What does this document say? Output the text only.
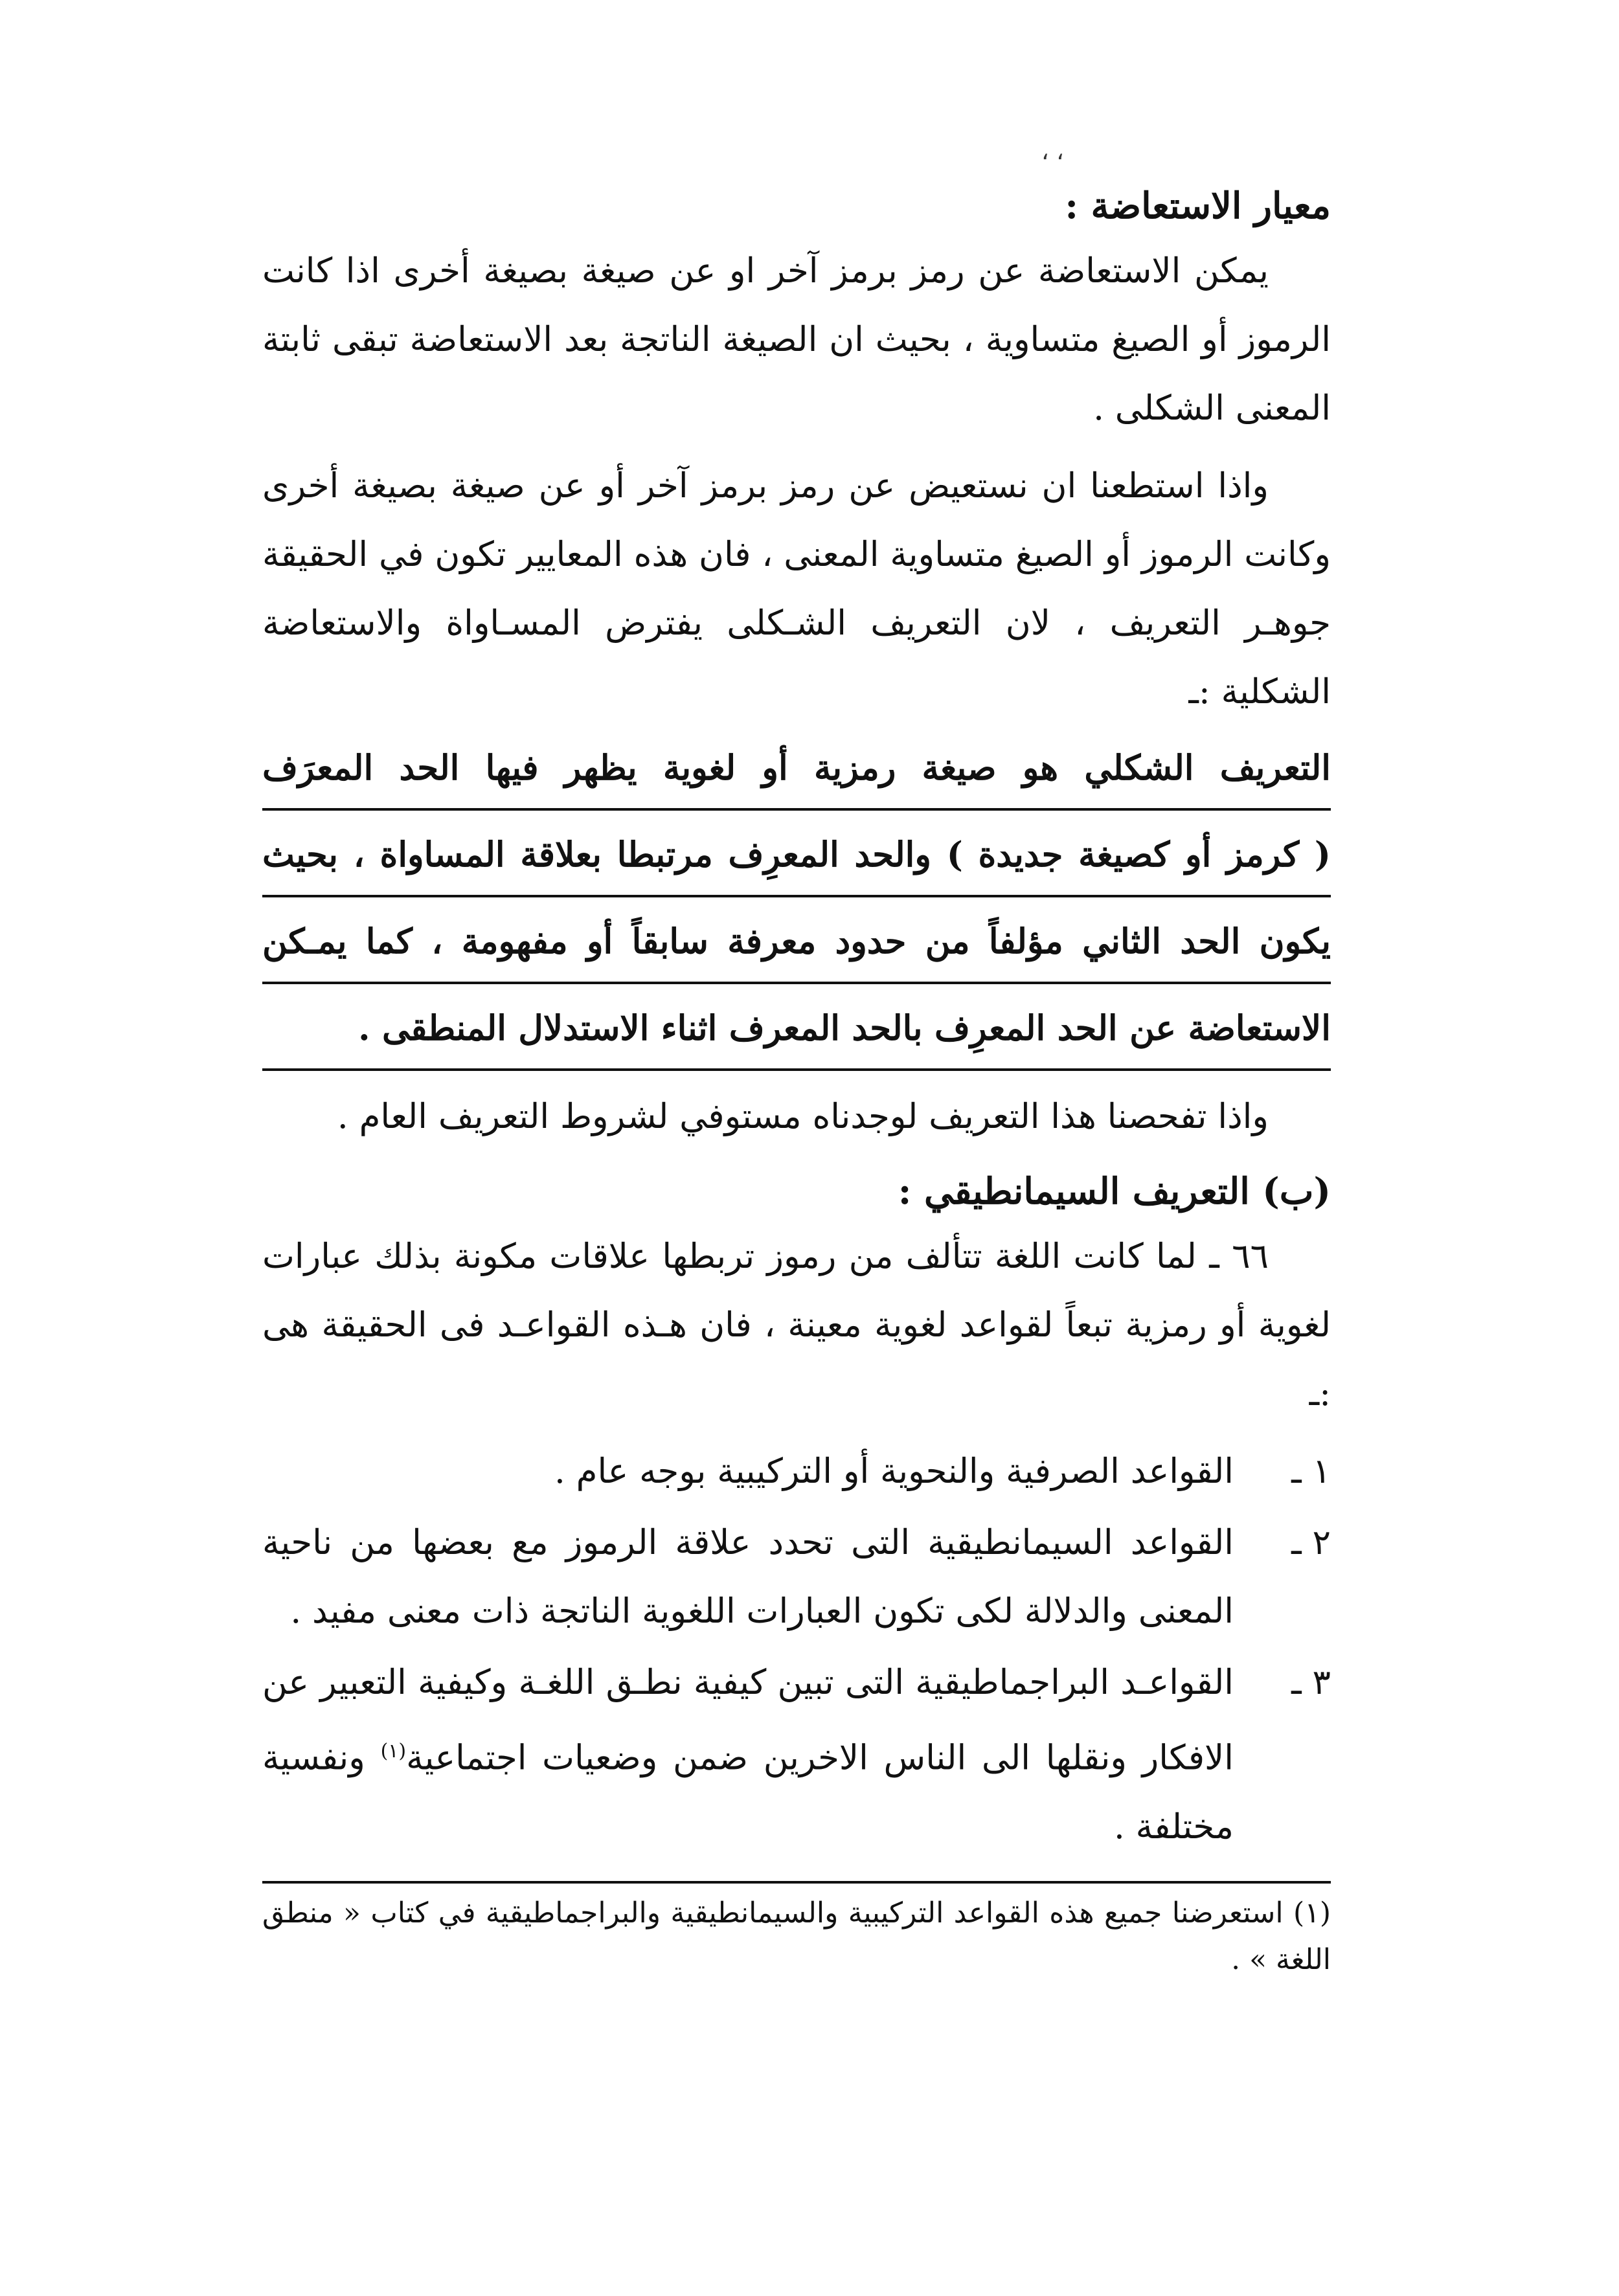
، ،
معيار الاستعاضة :

يمكن الاستعاضة عن رمز برمز آخر او عن صيغة بصيغة أخرى اذا كانت الرموز أو الصيغ متساوية ، بحيث ان الصيغة الناتجة بعد الاستعاضة تبقى ثابتة المعنى الشكلى .

واذا استطعنا ان نستعيض عن رمز برمز آخر أو عن صيغة بصيغة أخرى وكانت الرموز أو الصيغ متساوية المعنى ، فان هذه المعايير تكون في الحقيقة جوهـر التعريف ، لان التعريف الشـكلى يفترض المسـاواة والاستعاضة الشكلية :ـ

التعريف الشكلي هو صيغة رمزية أو لغوية يظهر فيها الحد المعرَف
( كرمز أو كصيغة جديدة ) والحد المعرِف مرتبطا بعلاقة المساواة ، بحيث
يكون الحد الثاني مؤلفاً من حدود معرفة سابقاً أو مفهومة ، كما يمـكن
الاستعاضة عن الحد المعرِف بالحد المعرف اثناء الاستدلال المنطقى .

واذا تفحصنا هذا التعريف لوجدناه مستوفي لشروط التعريف العام .

(ب) التعريف السيمانطيقي :

٦٦ ـ لما كانت اللغة تتألف من رموز تربطها علاقات مكونة بذلك عبارات لغوية أو رمزية تبعاً لقواعد لغوية معينة ، فان هـذه القواعـد فى الحقيقة هى :ـ

١ ـ
القواعد الصرفية والنحوية أو التركيبية بوجه عام .
٢ ـ
القواعد السيمانطيقية التى تحدد علاقة الرموز مع بعضها من ناحية المعنى والدلالة لكى تكون العبارات اللغوية الناتجة ذات معنى مفيد .
٣ ـ
القواعـد البراجماطيقية التى تبين كيفية نطـق اللغـة وكيفية التعبير عن الافكار ونقلها الى الناس الاخرين ضمن وضعيات اجتماعية$^{(١)}$ ونفسية مختلفة .

(١) استعرضنا جميع هذه القواعد التركيبية والسيمانطيقية والبراجماطيقية في كتاب « منطق اللغة » .
